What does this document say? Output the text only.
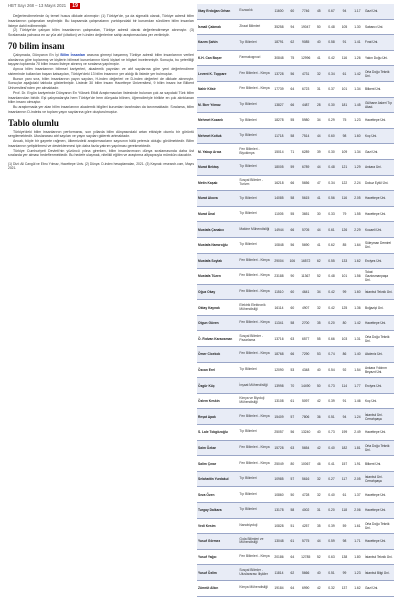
HBT Sayı 268 – 13 Mayıs 2021 19

Değerlendirmelerde üç temel husus dikkate alınmıştır: (1) Türkiye'de, ya da sigmalik olarak, Türkiye adresli bilim insanlarının çalışmaları seçilmiştir. Bu kapsamda çalışmalarını yurtdışındaki bir kurumdan sürdüren bilim insanları listeye dahil edilmemiştir.

(2) Türkiye'de çalışan bilim insanlarının çalışmaları, Türkiye adresli olarak değerlendirmeye alınmıştır. (3) Sıralamada yalnızca en az yüz atıf (citation) ve h-index değerlerine sahip araştırmacılara yer verilmiştir.

70 bilim insanı

Çalışmada, Dünyanın En İyi Bilim İnsanları arasına girmeyi başarmış Türkiye adresli bilim insanlarının verileri alanlarına göre toplanmış ve kişilerin bilimsel kurumlarının tümü kişisel ve bilgisel incelenmiştir. Sonuçta, bu yeterliliği taşıyan toplamda 70 bilim insanı listeye alınmış ve sıralama yapılmıştır.

Ayrıca bilim insanlarının bilimsel kariyerleri, akademik yayınları ve atıf sayılarına göre yeni değerlendirme sisteminde kullanılan başarı katsayıları, Türkiye'deki 13 bilim insanının yer aldığı ilk listede yer bulmuştur.

Bunun yanı sıra, bilim insanlarının yayın sayıları, H-index değerleri ve D-index değerleri de dikkate alınmıştır. Sonuçlar aşağıdaki tabloda gösterilmiştir. Listede 30 bilim insanı Hacettepe Üniversitesi, 9 bilim insanı ise Bilkent Üniversitesi'nden yer almaktadır.

Prof. Dr. Ergün kariyerinde Dünyanın En Yüksek Etkili Araştırmacıları listesinde bulunan çok az sayıdaki Türk bilim insanlarından biridir. Eşi çalışmalarıyla hem Türkiye'de hem dünyada bilinen, öğrencileriyle birlikte en çok alıntılanan bilim insanı olmuştur.

Bu araştırmada yer alan bilim insanlarının akademik bilgileri kurumları tarafından da tanınmaktadır. Sıralama, bilim insanlarının D-indeks ve toplam yayın sayılarına göre oluşturulmuştur.

Tablo olumlu

Türkiye'deki bilim insanlarının performansı, son yıllarda bilim dünyasındaki artan etkisiyle olumlu bir görüntü sergilemektedir. Uluslararası atıf sayıları ve yayın sayıları giderek artmaktadır.

Ancak, böyle bir gayrete rağmen, ülkemizdeki araştırmacıların sayısının hâlâ yetersiz olduğu görülmektedir. Bilim insanlarının yetiştirilmesi ve desteklenmesi için daha fazla yatırım yapılması gerekmektedir.

Türkiye Cumhuriyeti Devleti'nin yüzüncü yılına girerken, bilim insanlarımızın dünya sıralamasında daha üst sıralarda yer alması hedeflenmektedir. Bu hedefe ulaşmak, nitelikli eğitim ve araştırma altyapısıyla mümkün olacaktır.

(1) Dizi: Ali Cangül ve Ebru Yılmaz, Hacettepe Univ. (2) Dünya: D-index hesaplamaları, 2021. (3) Kaynak: research.com, Mayıs 2021.

Ilkay Erdoğan Orhan	Eczacılık	11600	60	7746	45	0.67	94	1.17	Gazi Üni.
İsmail Çakmak	Ziraat Bilimleri	35258	94	19047	50	0.48	105	1.30	Sabancı Üni.
Kazım Şahin	Tıp Bilimleri	18791	62	9085	40	0.58	91	1.41	Fırat Üni.
K.H. Can Başer	Farmakognozi	30848	75	12996	41	0.42	116	1.26	Yakın Doğu Üni.
Levent K. Toppare	Fen Bilimleri - Kimya	13728	56	4731	32	0.34	61	1.42	Orta Doğu Teknik Üni.
Nahir Kitsir	Fen Bilimleri - Kimya	17739	64	6723	31	0.37	101	1.34	Bilkent Üni.
M. İlker Yılmaz	Tıp Bilimleri	13827	66	4487	28	0.30	181	1.45	Gülhane Askeri Tıp Akad.
Mehmet Kozanlı	Tıp Bilimleri	18278	55	5980	34	0.29	75	1.23	Hacettepe Üni.
Mehmet Koltuk	Tıp Bilimleri	11718	58	7514	44	0.60	98	1.60	Koç Üni.
M. Yakup Arıca	Fen Bilimleri - Biyokimya	15014	71	6289	39	0.30	109	1.34	Gazi Üni.
Murat Bektaş	Tıp Bilimleri	18005	59	6789	44	0.48	121	1.29	Ankara Üni.
Metin Kaşab	Sosyal Bilimler - Turizm	16218	66	5656	47	0.34	122	2.24	Dokuz Eylül Üni.
Murat Akova	Tıp Bilimleri	14085	58	5615	41	0.56	116	2.05	Hacettepe Üni.
Murat Ünal	Tıp Bilimleri	11005	55	3651	30	0.33	79	1.55	Hacettepe Üni.
Mustafa Çanakcı	Makine Mühendisliği	14944	66	5705	44	0.61	126	2.29	Kocaeli Üni.
Mustafa Namıroğlu	Tıp Bilimleri	10848	56	5690	41	0.62	85	1.64	Süleyman Demirel Üni.
Mustafa Soylak	Fen Bilimleri - Kimya	29004	106	16572	62	0.55	133	1.62	Erciyes Üni.
Mustafa Tüzen	Fen Bilimleri - Kimya	23188	90	11367	52	0.48	101	1.56	Tokat Gaziosmanpaşa Üni.
Oğuz Okay	Fen Bilimleri - Kimya	11510	60	4641	34	0.42	99	1.60	İstanbul Teknik Üni.
Oktay Kaynak	Elektrik Elektronik Mühendisliği	16114	60	4907	32	0.42	125	1.36	Boğaziçi Üni.
Olgun Güven	Fen Bilimleri - Kimya	11341	58	2700	35	0.20	80	1.42	Hacettepe Üni.
Ö. Rıdvan Karaosman	Sosyal Bilimler - Pazarlama	13716	63	6577	55	0.66	103	1.31	Orta Doğu Teknik Üni.
Ömer Cicekok	Fen Bilimleri - Kimya	18768	66	7290	53	0.74	86	1.40	Akdeniz Üni.
Özcan Erel	Tıp Bilimleri	12090	53	4348	40	0.54	92	1.54	Ankara Yıldırım Beyazıt Üni.
Özgür Küç	İnşaat Mühendisliği	13998	70	14490	50	0.73	114	1.77	Erciyes Üni.
Özlem Keskin	Kimya ve Biyoloji Mühendisliği	13108	61	5097	42	0.39	91	1.46	Koç Üni.
Reşat Apak	Fen Bilimleri - Kimya	15409	57	7806	36	0.51	94	1.24	İstanbul Üni. Cerrahpaşa
S. Lale Tokgözoğlu	Tıp Bilimleri	25057	56	13240	40	0.73	199	2.49	Hacettepe Üni.
Saim Özkar	Fen Bilimleri - Kimya	15728	63	5654	42	0.40	182	1.81	Orta Doğu Teknik Üni.
Salim Çınar	Fen Bilimleri - Kimya	25049	80	10067	46	0.41	157	1.91	Bilkent Üni.
Selahattin Yurdakul	Tıp Bilimleri	10985	57	5616	32	0.27	117	2.05	İstanbul Üni. Cerrahpaşa
Seza Özen	Tıp Bilimleri	10860	50	4728	32	0.40	61	1.37	Hacettepe Üni.
Turgay Dalkara	Tıp Bilimleri	13178	58	4002	31	0.20	118	2.06	Hacettepe Üni.
Vedi Kesim	Nanobiyoloji	10828	51	4257	35	0.39	59	1.61	Orta Doğu Teknik Üni.
Yusuf Görmez	Gıda Bilimleri ve Mühendisliği	13048	61	5775	44	0.59	98	1.71	Hacettepe Üni.
Yusuf Yağcı	Fen Bilimleri - Kimya	20186	64	12785	52	0.63	138	1.80	İstanbul Teknik Üni.
Yusuf Özlim	Sosyal Bilimler - Uluslararası İlişkiler	11814	62	5666	40	0.51	99	1.23	İstanbul Bilgi Üni.
Zümrüt Alkın	Kimya Mühendisliği	19184	64	6990	42	0.32	137	1.62	Gazi Üni.
